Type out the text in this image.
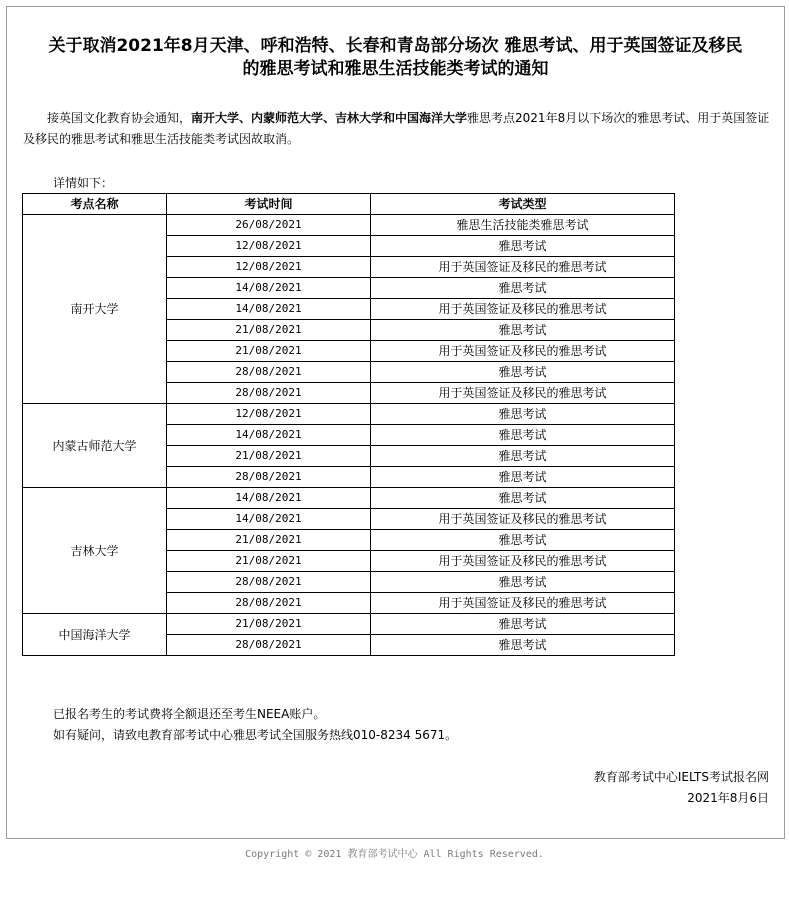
关于取消2021年8月天津、呼和浩特、长春和青岛部分场次 雅思考试、用于英国签证及移民
的雅思考试和雅思生活技能类考试的通知
接英国文化教育协会通知，南开大学、内蒙师范大学、吉林大学和中国海洋大学雅思考点2021年8月以下场次的雅思考试、用于英国签证及移民的雅思考试和雅思生活技能类考试因故取消。
详情如下：
考点名称	考试时间	考试类型
南开大学	26/08/2021	雅思生活技能类雅思考试
	12/08/2021	雅思考试
	12/08/2021	用于英国签证及移民的雅思考试
	14/08/2021	雅思考试
	14/08/2021	用于英国签证及移民的雅思考试
	21/08/2021	雅思考试
	21/08/2021	用于英国签证及移民的雅思考试
	28/08/2021	雅思考试
	28/08/2021	用于英国签证及移民的雅思考试
内蒙古师范大学	12/08/2021	雅思考试
	14/08/2021	雅思考试
	21/08/2021	雅思考试
	28/08/2021	雅思考试
吉林大学	14/08/2021	雅思考试
	14/08/2021	用于英国签证及移民的雅思考试
	21/08/2021	雅思考试
	21/08/2021	用于英国签证及移民的雅思考试
	28/08/2021	雅思考试
	28/08/2021	用于英国签证及移民的雅思考试
中国海洋大学	21/08/2021	雅思考试
	28/08/2021	雅思考试
已报名考生的考试费将全额退还至考生NEEA账户。
如有疑问，请致电教育部考试中心雅思考试全国服务热线010-8234 5671。
教育部考试中心IELTS考试报名网
2021年8月6日
Copyright © 2021 教育部考试中心 All Rights Reserved.
